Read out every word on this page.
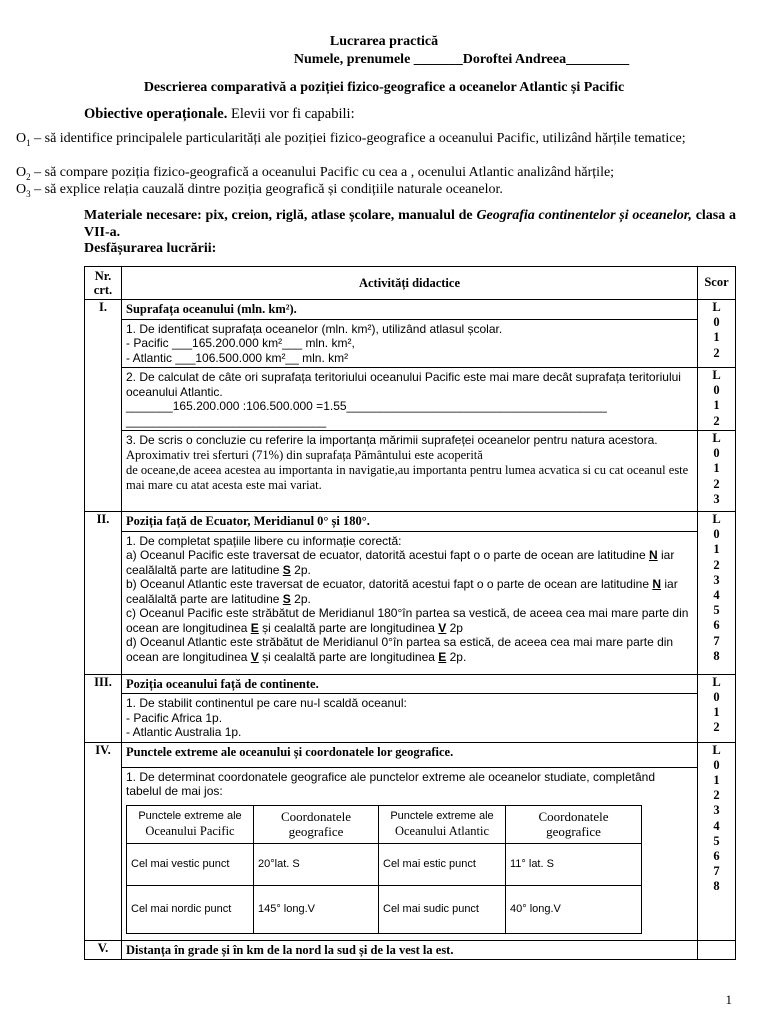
Lucrarea practică
Numele, prenumele _______Doroftei Andreea_________
Descrierea comparativă a poziției fizico-geografice a oceanelor Atlantic și Pacific
Obiective operaționale. Elevii vor fi capabili:
$O_1$ – să identifice principalele particularități ale poziției fizico-geografice a oceanului Pacific, utilizând hărțile tematice;
$O_2$ – să compare poziția fizico-geografică a oceanului Pacific cu cea a , ocenului Atlantic analizând hărțile;
$O_3$ – să explice relația cauzală dintre poziția geografică și condițiile naturale oceanelor.
Materiale necesare: pix, creion, riglă, atlase școlare, manualul de Geografia continentelor și oceanelor, clasa a VII-a.
Desfășurarea lucrării:
Nr. crt.	Activități didactice	Scor
I.	Suprafața oceanului (mln. km²).	L
0
1
2

1. De identificat suprafața oceanelor (mln. km²), utilizând atlasul școlar.
- Pacific ___165.200.000 km²___ mln. km²,
- Atlantic ___106.500.000 km²__ mln. km²

2. De calculat de câte ori suprafața teritoriului oceanului Pacific este mai mare decât suprafața teritoriului oceanului Atlantic.
_______165.200.000 :106.500.000 =1.55_______________________________________
______________________________

L
0
1
2

3. De scris o concluzie cu referire la importanța mărimii suprafeței oceanelor pentru natura acestora.
Aproximativ trei sferturi (71%) din suprafața Pământului este acoperită
de oceane,de aceea acestea au importanta in navigatie,au importanta pentru lumea acvatica si cu cat oceanul este mai mare cu atat acesta este mai variat.

L
0
1
2
3

II.	Poziția față de Ecuator, Meridianul 0° și 180°.	L
0
1
2
3
4
5
6
7
8

1. De completat spațiile libere cu informație corectă:
a) Oceanul Pacific este traversat de ecuator, datorită acestui fapt o o parte de ocean are latitudine N iar cealălaltă parte are latitudine S 2p.
b) Oceanul Atlantic este traversat de ecuator, datorită acestui fapt o o parte de ocean are latitudine N iar cealălaltă parte are latitudine S 2p.
c) Oceanul Pacific este străbătut de Meridianul 180°în partea sa vestică, de aceea cea mai mare parte din ocean are longitudinea E și cealaltă parte are longitudinea V 2p
d) Oceanul Atlantic este străbătut de Meridianul 0°în partea sa estică, de aceea cea mai mare parte din ocean are longitudinea V și cealaltă parte are longitudinea E 2p.

III.	Poziția oceanului față de continente.	L
0
1
2

1. De stabilit continentul pe care nu-l scaldă oceanul:
- Pacific Africa 1p.
- Atlantic Australia 1p.

IV.	Punctele extreme ale oceanului și coordonatele lor geografice.	L
0
1
2
3
4
5
6
7
8

1. De determinat coordonatele geografice ale punctelor extreme ale oceanelor studiate, completând tabelul de mai jos:
Punctele extreme ale
Oceanului Pacific
	Coordonatele geografice	
Punctele extreme ale
Oceanului Atlantic
	Coordonatele geografice
Cel mai vestic punct	20°lat. S	Cel mai estic punct	11° lat. S
Cel mai nordic punct	145° long.V	Cel mai sudic punct	40° long.V

V.	Distanța în grade și în km de la nord la sud și de la vest la est.	
1
